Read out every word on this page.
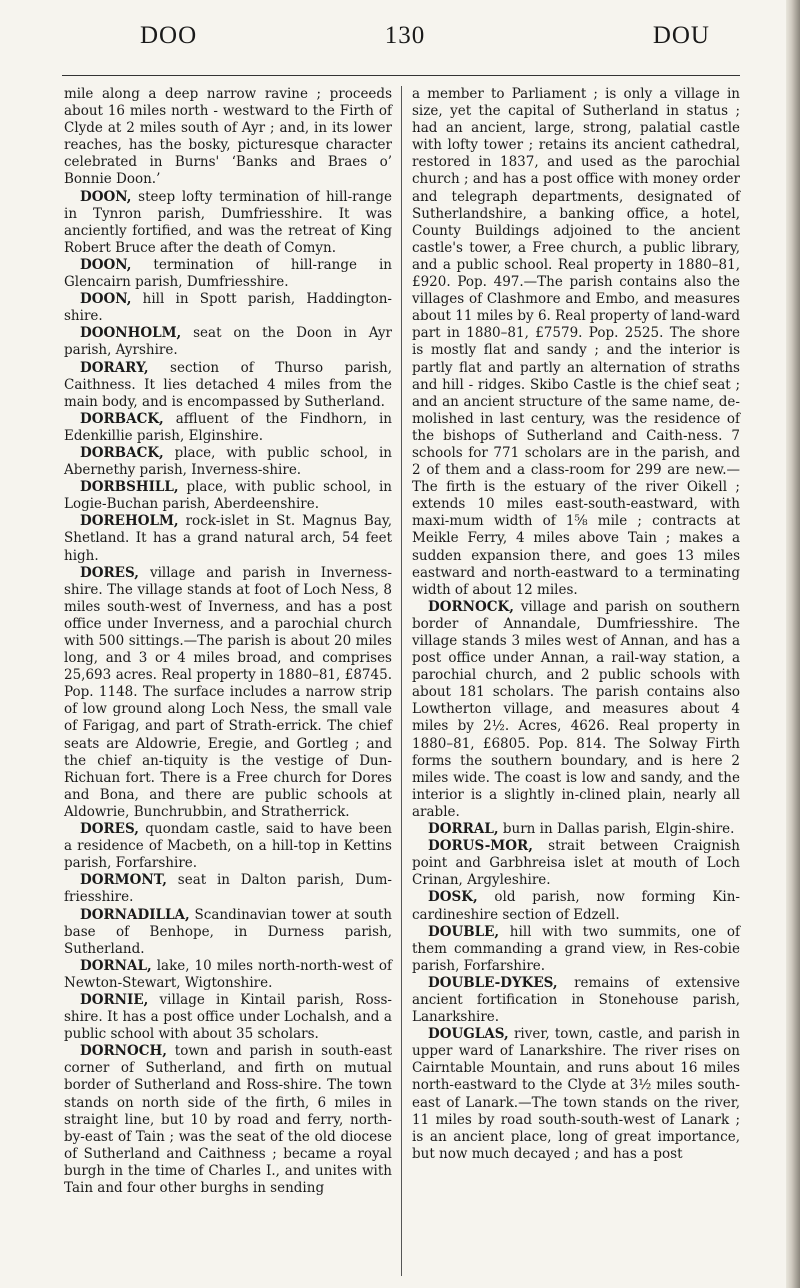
DOO	130	DOU

mile along a deep narrow ravine ; proceeds about 16 miles north - westward to the Firth of Clyde at 2 miles south of Ayr ; and, in its lower reaches, has the bosky, picturesque character celebrated in Burns' ‘Banks and Braes o’ Bonnie Doon.’

DOON, steep lofty termination of hill-range in Tynron parish, Dumfriesshire. It was anciently fortified, and was the retreat of King Robert Bruce after the death of Comyn.

DOON, termination of hill-range in Glencairn parish, Dumfriesshire.

DOON, hill in Spott parish, Haddington-shire.

DOONHOLM, seat on the Doon in Ayr parish, Ayrshire.

DORARY, section of Thurso parish, Caithness. It lies detached 4 miles from the main body, and is encompassed by Sutherland.

DORBACK, affluent of the Findhorn, in Edenkillie parish, Elginshire.

DORBACK, place, with public school, in Abernethy parish, Inverness-shire.

DORBSHILL, place, with public school, in Logie-Buchan parish, Aberdeenshire.

DOREHOLM, rock-islet in St. Magnus Bay, Shetland. It has a grand natural arch, 54 feet high.

DORES, village and parish in Inverness-shire. The village stands at foot of Loch Ness, 8 miles south-west of Inverness, and has a post office under Inverness, and a parochial church with 500 sittings.—The parish is about 20 miles long, and 3 or 4 miles broad, and comprises 25,693 acres. Real property in 1880–81, £8745. Pop. 1148. The surface includes a narrow strip of low ground along Loch Ness, the small vale of Farigag, and part of Strath-errick. The chief seats are Aldowrie, Eregie, and Gortleg ; and the chief an-tiquity is the vestige of Dun-Richuan fort. There is a Free church for Dores and Bona, and there are public schools at Aldowrie, Bunchrubbin, and Stratherrick.

DORES, quondam castle, said to have been a residence of Macbeth, on a hill-top in Kettins parish, Forfarshire.

DORMONT, seat in Dalton parish, Dum-friesshire.

DORNADILLA, Scandinavian tower at south base of Benhope, in Durness parish, Sutherland.

DORNAL, lake, 10 miles north-north-west of Newton-Stewart, Wigtonshire.

DORNIE, village in Kintail parish, Ross-shire. It has a post office under Lochalsh, and a public school with about 35 scholars.

DORNOCH, town and parish in south-east corner of Sutherland, and firth on mutual border of Sutherland and Ross-shire. The town stands on north side of the firth, 6 miles in straight line, but 10 by road and ferry, north-by-east of Tain ; was the seat of the old diocese of Sutherland and Caithness ; became a royal burgh in the time of Charles I., and unites with Tain and four other burghs in sending

a member to Parliament ; is only a village in size, yet the capital of Sutherland in status ; had an ancient, large, strong, palatial castle with lofty tower ; retains its ancient cathedral, restored in 1837, and used as the parochial church ; and has a post office with money order and telegraph departments, designated of Sutherlandshire, a banking office, a hotel, County Buildings adjoined to the ancient castle's tower, a Free church, a public library, and a public school. Real property in 1880–81, £920. Pop. 497.—The parish contains also the villages of Clashmore and Embo, and measures about 11 miles by 6. Real property of land-ward part in 1880–81, £7579. Pop. 2525. The shore is mostly flat and sandy ; and the interior is partly flat and partly an alternation of straths and hill - ridges. Skibo Castle is the chief seat ; and an ancient structure of the same name, de-molished in last century, was the residence of the bishops of Sutherland and Caith-ness. 7 schools for 771 scholars are in the parish, and 2 of them and a class-room for 299 are new.—The firth is the estuary of the river Oikell ; extends 10 miles east-south-eastward, with maxi-mum width of 1⅝ mile ; contracts at Meikle Ferry, 4 miles above Tain ; makes a sudden expansion there, and goes 13 miles eastward and north-eastward to a terminating width of about 12 miles.

DORNOCK, village and parish on southern border of Annandale, Dumfriesshire. The village stands 3 miles west of Annan, and has a post office under Annan, a rail-way station, a parochial church, and 2 public schools with about 181 scholars. The parish contains also Lowtherton village, and measures about 4 miles by 2½. Acres, 4626. Real property in 1880–81, £6805. Pop. 814. The Solway Firth forms the southern boundary, and is here 2 miles wide. The coast is low and sandy, and the interior is a slightly in-clined plain, nearly all arable.

DORRAL, burn in Dallas parish, Elgin-shire.

DORUS-MOR, strait between Craignish point and Garbhreisa islet at mouth of Loch Crinan, Argyleshire.

DOSK, old parish, now forming Kin-cardineshire section of Edzell.

DOUBLE, hill with two summits, one of them commanding a grand view, in Res-cobie parish, Forfarshire.

DOUBLE-DYKES, remains of extensive ancient fortification in Stonehouse parish, Lanarkshire.

DOUGLAS, river, town, castle, and parish in upper ward of Lanarkshire. The river rises on Cairntable Mountain, and runs about 16 miles north-eastward to the Clyde at 3½ miles south-east of Lanark.—The town stands on the river, 11 miles by road south-south-west of Lanark ; is an ancient place, long of great importance, but now much decayed ; and has a post
